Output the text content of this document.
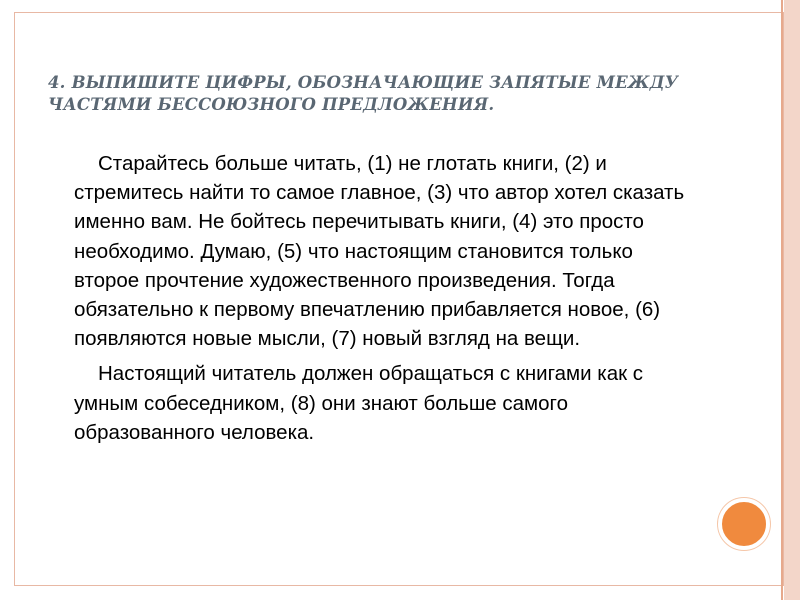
4. ВЫПИШИТЕ ЦИФРЫ, ОБОЗНАЧАЮЩИЕ ЗАПЯТЫЕ МЕЖДУ ЧАСТЯМИ БЕССОЮЗНОГО ПРЕДЛОЖЕНИЯ.

Старайтесь больше читать, (1) не глотать книги, (2) и стремитесь найти то самое главное, (3) что автор хотел сказать именно вам. Не бойтесь перечитывать книги, (4) это просто необходимо. Думаю, (5) что настоящим становится только второе прочтение художественного произведения. Тогда обязательно к первому впечатлению прибавляется новое, (6) появляются новые мысли, (7) новый взгляд на вещи.

Настоящий читатель должен обращаться с книгами как с умным собеседником, (8) они знают больше самого образованного человека.
